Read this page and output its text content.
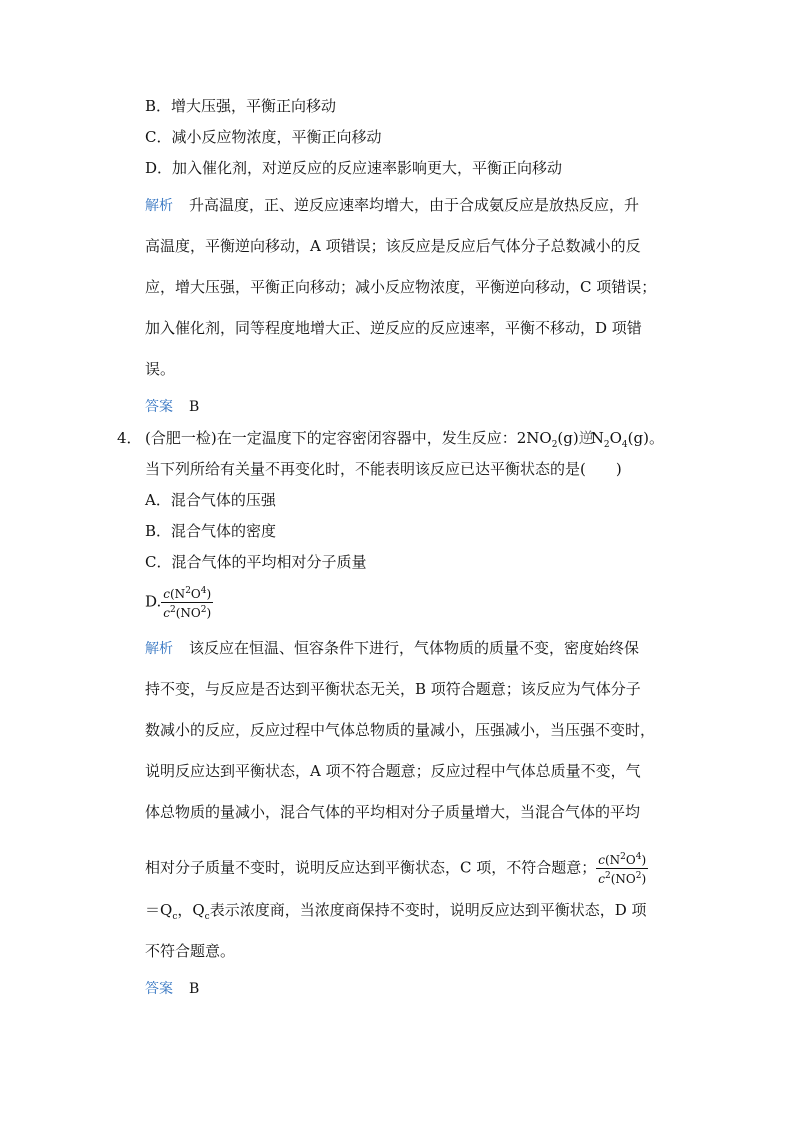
B．增大压强，平衡正向移动
C．减小反应物浓度，平衡正向移动
D．加入催化剂，对逆反应的反应速率影响更大，平衡正向移动
解析 升高温度，正、逆反应速率均增大，由于合成氨反应是放热反应，升
高温度，平衡逆向移动，A 项错误；该反应是反应后气体分子总数减小的反
应，增大压强，平衡正向移动；减小反应物浓度，平衡逆向移动，C 项错误；
加入催化剂，同等程度地增大正、逆反应的反应速率，平衡不移动，D 项错
误。
答案 B
4． (合肥一检)在一定温度下的定容密闭容器中，发生反应：$2NO_2(g)$逆$N_2O_4(g)$。
当下列所给有关量不再变化时，不能表明该反应已达平衡状态的是(　　)
A．混合气体的压强
B．混合气体的密度
C．混合气体的平均相对分子质量
D. $\frac{c(N^2O^4)}{c^2(NO^2)}$
解析 该反应在恒温、恒容条件下进行，气体物质的质量不变，密度始终保
持不变，与反应是否达到平衡状态无关，B 项符合题意；该反应为气体分子
数减小的反应，反应过程中气体总物质的量减小，压强减小，当压强不变时，
说明反应达到平衡状态，A 项不符合题意；反应过程中气体总质量不变，气
体总物质的量减小，混合气体的平均相对分子质量增大，当混合气体的平均
相对分子质量不变时，说明反应达到平衡状态，C 项，不符合题意； $\frac{c(N^2O^4)}{c^2(NO^2)}$
$=Q_c$，$Q_c$表示浓度商，当浓度商保持不变时，说明反应达到平衡状态，D 项
不符合题意。
答案 B
